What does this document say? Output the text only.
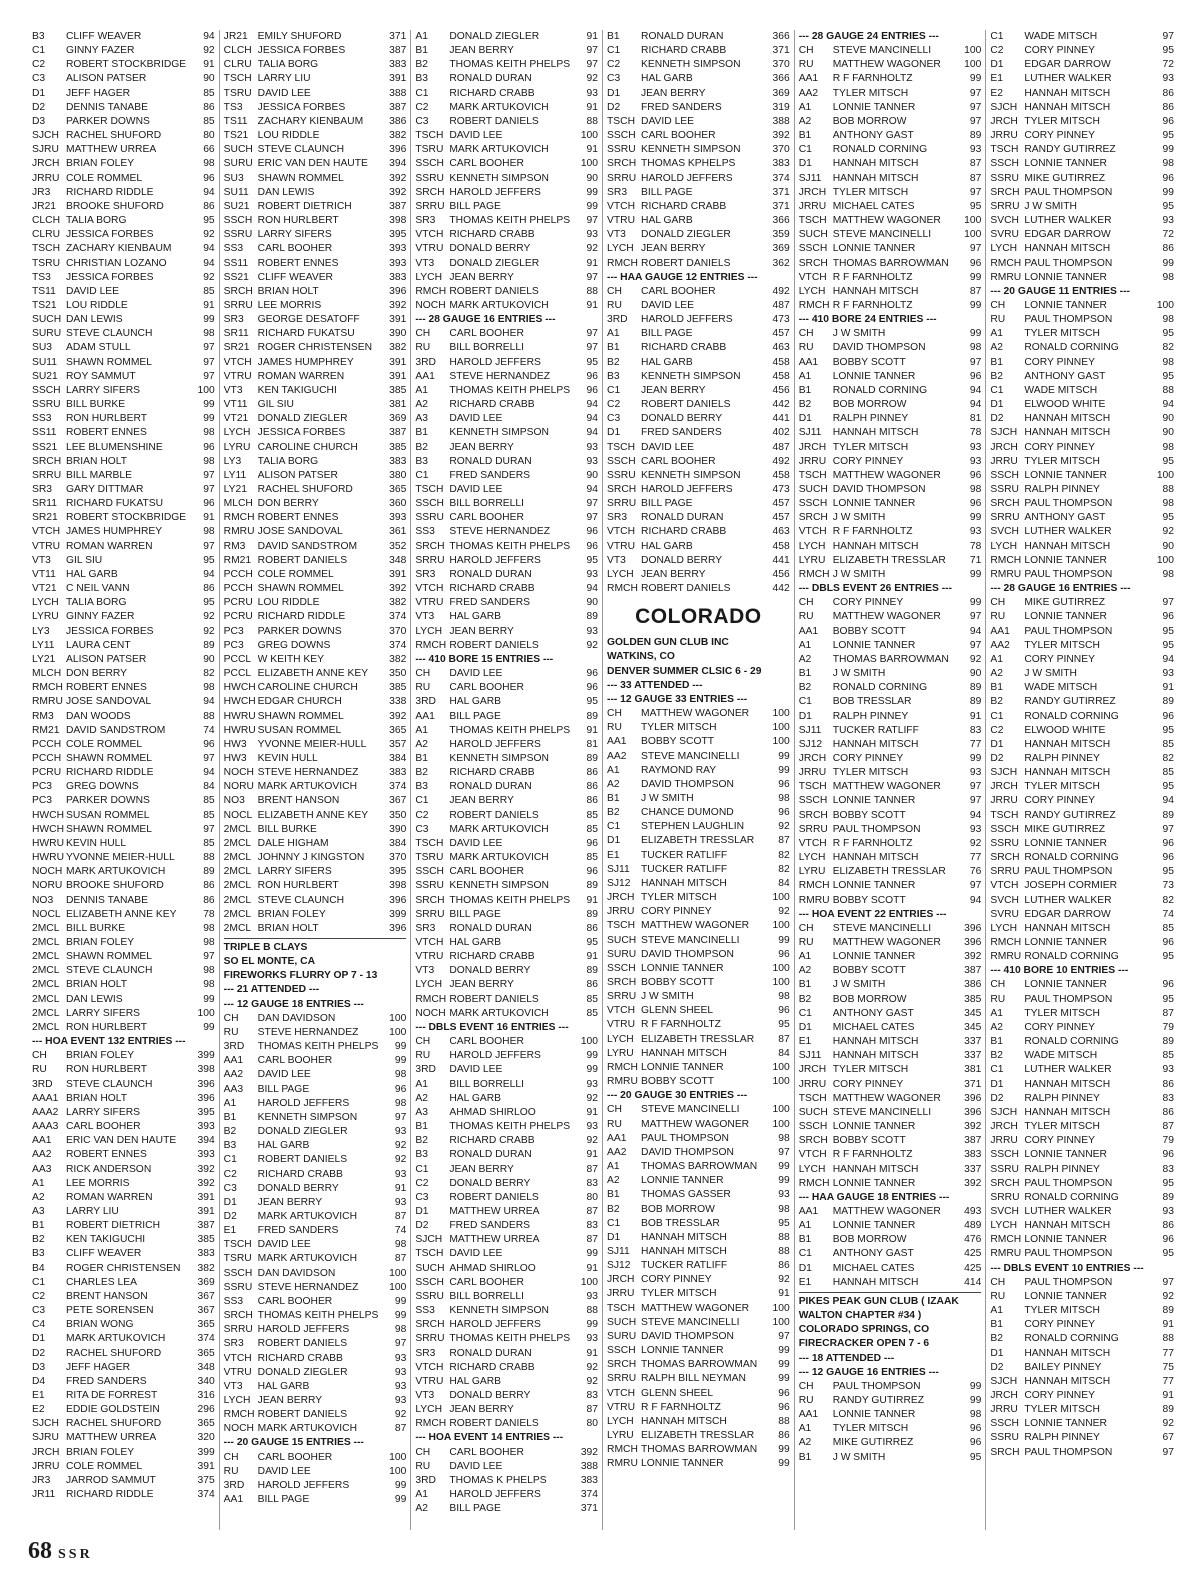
B3	CLIFF WEAVER	94
C1	GINNY FAZER	92
C2	ROBERT STOCKBRIDGE	91
C3	ALISON PATSER	90
D1	JEFF HAGER	85
D2	DENNIS TANABE	86
D3	PARKER DOWNS	85
SJCH RACHEL SHUFORD	80
SJRU MATTHEW URREA	66
JRCH BRIAN FOLEY	98
JRRU COLE ROMMEL	96
JR3	RICHARD RIDDLE	94
JR21 BROOKE SHUFORD	86
CLCH TALIA BORG	95
CLRU JESSICA FORBES	92
TSCH ZACHARY KIENBAUM	94
TSRU CHRISTIAN LOZANO	94
TS3	JESSICA FORBES	92
TS11 DAVID LEE	85
TS21 LOU RIDDLE	91
SUCH DAN LEWIS	99
SURU STEVE CLAUNCH	98
SU3	ADAM STULL	97
SU11 SHAWN ROMMEL	97
SU21 ROY SAMMUT	97
SSCH LARRY SIFERS	100
SSRU BILL BURKE	99
SS3	RON HURLBERT	99
SS11 ROBERT ENNES	98
SS21 LEE BLUMENSHINE	96
SRCH BRIAN HOLT	98
SRRU BILL MARBLE	97
SR3	GARY DITTMAR	97
SR11 RICHARD FUKATSU	96
SR21 ROBERT STOCKBRIDGE	91
VTCH JAMES HUMPHREY	98
VTRU ROMAN WARREN	97
VT3	GIL SIU	95
VT11 HAL GARB	94
VT21 C NEIL VANN	86
LYCH TALIA BORG	95
LYRU GINNY FAZER	92
LY3	JESSICA FORBES	92
LY11	LAURA CENT	89
LY21	ALISON PATSER	90
MLCH DON BERRY	82
RMCH ROBERT ENNES	98
RMRU JOSE SANDOVAL	94
RM3	DAN WOODS	88
RM21 DAVID SANDSTROM	74
PCCH COLE ROMMEL	96
PCCH SHAWN ROMMEL	97
PCRU RICHARD RIDDLE	94
PC3	GREG DOWNS	84
PC3	PARKER DOWNS	85
HWCH SUSAN ROMMEL	85
HWCH SHAWN ROMMEL	97
HWRU KEVIN HULL	85
HWRU YVONNE MEIER-HULL	88
NOCH MARK ARTUKOVICH	89
NORU BROOKE SHUFORD	86
NO3	DENNIS TANABE	86
NOCL ELIZABETH ANNE KEY	78
2MCL BILL BURKE	98
2MCL BRIAN FOLEY	98
2MCL SHAWN ROMMEL	97
2MCL STEVE CLAUNCH	98
2MCL BRIAN HOLT	98
2MCL DAN LEWIS	99
2MCL LARRY SIFERS	100
2MCL RON HURLBERT	99
--- HOA EVENT 132 ENTRIES ---
CH	BRIAN FOLEY	399
RU	RON HURLBERT	398
3RD	STEVE CLAUNCH	396
AAA1 BRIAN HOLT	396
AAA2 LARRY SIFERS	395
AAA3 CARL BOOHER	393
AA1	ERIC VAN DEN HAUTE	394
AA2	ROBERT ENNES	393
AA3	RICK ANDERSON	392
A1	LEE MORRIS	392
A2	ROMAN WARREN	391
A3	LARRY LIU	391
B1	ROBERT DIETRICH	387
B2	KEN TAKIGUCHI	385
B3	CLIFF WEAVER	383
B4	ROGER CHRISTENSEN	382
C1	CHARLES LEA	369
C2	BRENT HANSON	367
C3	PETE SORENSEN	367
C4	BRIAN WONG	365
D1	MARK ARTUKOVICH	374
D2	RACHEL SHUFORD	365
D3	JEFF HAGER	348
D4	FRED SANDERS	340
E1	RITA DE FORREST	316
E2	EDDIE GOLDSTEIN	296
SJCH RACHEL SHUFORD	365
SJRU MATTHEW URREA	320
JRCH BRIAN FOLEY	399
JRRU COLE ROMMEL	391
JR3	JARROD SAMMUT	375
JR11	RICHARD RIDDLE	374
JR21 EMILY SHUFORD	371
CLCH JESSICA FORBES	387
CLRU TALIA BORG	383
TSCH LARRY LIU	391
TSRU DAVID LEE	388
TS3	JESSICA FORBES	387
TS11 ZACHARY KIENBAUM	386
TS21 LOU RIDDLE	382
SUCH STEVE CLAUNCH	396
SURU ERIC VAN DEN HAUTE	394
SU3	SHAWN ROMMEL	392
SU11 DAN LEWIS	392
SU21 ROBERT DIETRICH	387
SSCH RON HURLBERT	398
SSRU LARRY SIFERS	395
SS3	CARL BOOHER	393
SS11 ROBERT ENNES	393
SS21 CLIFF WEAVER	383
SRCH BRIAN HOLT	396
SRRU LEE MORRIS	392
SR3	GEORGE DESATOFF	391
SR11 RICHARD FUKATSU	390
SR21 ROGER CHRISTENSEN	382
VTCH JAMES HUMPHREY	391
VTRU ROMAN WARREN	391
VT3	KEN TAKIGUCHI	385
VT11 GIL SIU	381
VT21 DONALD ZIEGLER	369
LYCH JESSICA FORBES	387
LYRU CAROLINE CHURCH	385
LY3	TALIA BORG	383
LY11	ALISON PATSER	380
LY21	RACHEL SHUFORD	365
MLCH DON BERRY	360
RMCH ROBERT ENNES	393
RMRU JOSE SANDOVAL	361
RM3	DAVID SANDSTROM	352
RM21 ROBERT DANIELS	348
PCCH COLE ROMMEL	391
PCCH SHAWN ROMMEL	392
PCRU LOU RIDDLE	382
PCRU RICHARD RIDDLE	374
PC3	PARKER DOWNS	370
PC3	GREG DOWNS	374
PCCL W KEITH KEY	382
PCCL ELIZABETH ANNE KEY	350
HWCH CAROLINE CHURCH	385
HWCH EDGAR CHURCH	338
HWRU SHAWN ROMMEL	392
HWRU SUSAN ROMMEL	365
HW3	YVONNE MEIER-HULL	357
HW3	KEVIN HULL	384
NOCH STEVE HERNANDEZ	383
NORU MARK ARTUKOVICH	374
NO3	BRENT HANSON	367
NOCL ELIZABETH ANNE KEY	350
2MCL BILL BURKE	390
2MCL DALE HIGHAM	384
2MCL JOHNNY J KINGSTON	370
2MCL LARRY SIFERS	395
2MCL RON HURLBERT	398
2MCL STEVE CLAUNCH	396
2MCL BRIAN FOLEY	399
2MCL BRIAN HOLT	396
TRIPLE B CLAYS
SO EL MONTE, CA
FIREWORKS FLURRY OP 7 - 13
--- 21 ATTENDED ---
--- 12 GAUGE 18 ENTRIES ---
CH	DAN DAVIDSON	100
RU	STEVE HERNANDEZ	100
3RD	THOMAS KEITH PHELPS	99
AA1	CARL BOOHER	99
AA2	DAVID LEE	98
AA3	BILL PAGE	96
A1	HAROLD JEFFERS	98
B1	KENNETH SIMPSON	97
B2	DONALD ZIEGLER	93
B3	HAL GARB	92
C1	ROBERT DANIELS	92
C2	RICHARD CRABB	93
C3	DONALD BERRY	91
D1	JEAN BERRY	93
D2	MARK ARTUKOVICH	87
E1	FRED SANDERS	74
TSCH DAVID LEE	98
TSRU MARK ARTUKOVICH	87
SSCH DAN DAVIDSON	100
SSRU STEVE HERNANDEZ	100
SS3	CARL BOOHER	99
SRCH THOMAS KEITH PHELPS	99
SRRU HAROLD JEFFERS	98
SR3	ROBERT DANIELS	97
VTCH RICHARD CRABB	93
VTRU DONALD ZIEGLER	93
VT3	HAL GARB	93
LYCH JEAN BERRY	93
RMCH ROBERT DANIELS	92
NOCH MARK ARTUKOVICH	87
--- 20 GAUGE 15 ENTRIES ---
CH	CARL BOOHER	100
RU	DAVID LEE	100
3RD	HAROLD JEFFERS	99
AA1	BILL PAGE	99
A1	DONALD ZIEGLER	91
B1	JEAN BERRY	97
B2	THOMAS KEITH PHELPS	97
B3	RONALD DURAN	92
C1	RICHARD CRABB	93
C2	MARK ARTUKOVICH	91
C3	ROBERT DANIELS	88
TSCH DAVID LEE	100
TSRU MARK ARTUKOVICH	91
SSCH CARL BOOHER	100
SSRU KENNETH SIMPSON	90
SRCH HAROLD JEFFERS	99
SRRU BILL PAGE	99
SR3	THOMAS KEITH PHELPS	97
VTCH RICHARD CRABB	93
VTRU DONALD BERRY	92
VT3	DONALD ZIEGLER	91
LYCH JEAN BERRY	97
RMCH ROBERT DANIELS	88
NOCH MARK ARTUKOVICH	91
--- 28 GAUGE 16 ENTRIES ---
CH	CARL BOOHER	97
RU	BILL BORRELLI	97
3RD	HAROLD JEFFERS	95
AA1	STEVE HERNANDEZ	96
A1	THOMAS KEITH PHELPS	96
A2	RICHARD CRABB	94
A3	DAVID LEE	94
B1	KENNETH SIMPSON	94
B2	JEAN BERRY	93
B3	RONALD DURAN	93
C1	FRED SANDERS	90
TSCH DAVID LEE	94
SSCH BILL BORRELLI	97
SSRU CARL BOOHER	97
SS3	STEVE HERNANDEZ	96
SRCH THOMAS KEITH PHELPS	96
SRRU HAROLD JEFFERS	95
SR3	RONALD DURAN	93
VTCH RICHARD CRABB	94
VTRU FRED SANDERS	90
VT3	HAL GARB	89
LYCH JEAN BERRY	93
RMCH ROBERT DANIELS	92
--- 410 BORE 15 ENTRIES ---
CH	DAVID LEE	96
RU	CARL BOOHER	96
3RD	HAL GARB	95
AA1	BILL PAGE	89
A1	THOMAS KEITH PHELPS	91
A2	HAROLD JEFFERS	81
B1	KENNETH SIMPSON	89
B2	RICHARD CRABB	86
B3	RONALD DURAN	86
C1	JEAN BERRY	86
C2	ROBERT DANIELS	85
C3	MARK ARTUKOVICH	85
TSCH DAVID LEE	96
TSRU MARK ARTUKOVICH	85
SSCH CARL BOOHER	96
SSRU KENNETH SIMPSON	89
SRCH THOMAS KEITH PHELPS	91
SRRU BILL PAGE	89
SR3	RONALD DURAN	86
VTCH HAL GARB	95
VTRU RICHARD CRABB	91
VT3	DONALD BERRY	89
LYCH JEAN BERRY	86
RMCH ROBERT DANIELS	85
NOCH MARK ARTUKOVICH	85
--- DBLS EVENT 16 ENTRIES ---
CH	CARL BOOHER	100
RU	HAROLD JEFFERS	99
3RD	DAVID LEE	99
A1	BILL BORRELLI	93
A2	HAL GARB	92
A3	AHMAD SHIRLOO	91
B1	THOMAS KEITH PHELPS	93
B2	RICHARD CRABB	92
B3	RONALD DURAN	91
C1	JEAN BERRY	87
C2	DONALD BERRY	83
C3	ROBERT DANIELS	80
D1	MATTHEW URREA	87
D2	FRED SANDERS	83
SJCH MATTHEW URREA	87
TSCH DAVID LEE	99
SUCH AHMAD SHIRLOO	91
SSCH CARL BOOHER	100
SSRU BILL BORRELLI	93
SS3	KENNETH SIMPSON	88
SRCH HAROLD JEFFERS	99
SRRU THOMAS KEITH PHELPS	93
SR3	RONALD DURAN	91
VTCH RICHARD CRABB	92
VTRU HAL GARB	92
VT3	DONALD BERRY	83
LYCH JEAN BERRY	87
RMCH ROBERT DANIELS	80
--- HOA EVENT 14 ENTRIES ---
CH	CARL BOOHER	392
RU	DAVID LEE	388
3RD	THOMAS K PHELPS	383
A1	HAROLD JEFFERS	374
A2	BILL PAGE	371
B1	RONALD DURAN	366
C1	RICHARD CRABB	371
C2	KENNETH SIMPSON	370
C3	HAL GARB	366
D1	JEAN BERRY	369
D2	FRED SANDERS	319
TSCH DAVID LEE	388
SSCH CARL BOOHER	392
SSRU KENNETH SIMPSON	370
SRCH THOMAS KPHELPS	383
SRRU HAROLD JEFFERS	374
SR3	BILL PAGE	371
VTCH RICHARD CRABB	371
VTRU HAL GARB	366
VT3	DONALD ZIEGLER	359
LYCH JEAN BERRY	369
RMCH ROBERT DANIELS	362
--- HAA GAUGE 12 ENTRIES ---
CH	CARL BOOHER	492
RU	DAVID LEE	487
3RD	HAROLD JEFFERS	473
A1	BILL PAGE	457
B1	RICHARD CRABB	463
B2	HAL GARB	458
B3	KENNETH SIMPSON	458
C1	JEAN BERRY	456
C2	ROBERT DANIELS	442
C3	DONALD BERRY	441
D1	FRED SANDERS	402
TSCH DAVID LEE	487
SSCH CARL BOOHER	492
SSRU KENNETH SIMPSON	458
SRCH HAROLD JEFFERS	473
SRRU BILL PAGE	457
SR3	RONALD DURAN	457
VTCH RICHARD CRABB	463
VTRU HAL GARB	458
VT3	DONALD BERRY	441
LYCH JEAN BERRY	456
RMCH ROBERT DANIELS	442
COLORADO
GOLDEN GUN CLUB INC
WATKINS, CO
DENVER SUMMER CLSIC 6 - 29
--- 33 ATTENDED ---
--- 12 GAUGE 33 ENTRIES ---
CH	MATTHEW WAGONER	100
RU	TYLER MITSCH	100
AA1	BOBBY SCOTT	100
AA2	STEVE MANCINELLI	99
A1	RAYMOND RAY	99
A2	DAVID THOMPSON	96
B1	J W SMITH	98
B2	CHANCE DUMOND	96
C1	STEPHEN LAUGHLIN	92
D1	ELIZABETH TRESSLAR	87
E1	TUCKER RATLIFF	82
SJ11	TUCKER RATLIFF	82
SJ12	HANNAH MITSCH	84
JRCH TYLER MITSCH	100
JRRU CORY PINNEY	92
TSCH MATTHEW WAGONER	100
SUCH STEVE MANCINELLI	99
SURU DAVID THOMPSON	96
SSCH LONNIE TANNER	100
SRCH BOBBY SCOTT	100
SRRU J W SMITH	98
VTCH GLENN SHEEL	96
VTRU R F FARNHOLTZ	95
LYCH ELIZABETH TRESSLAR	87
LYRU HANNAH MITSCH	84
RMCH LONNIE TANNER	100
RMRU BOBBY SCOTT	100
--- 20 GAUGE 30 ENTRIES ---
CH	STEVE MANCINELLI	100
RU	MATTHEW WAGONER	100
AA1	PAUL THOMPSON	98
AA2	DAVID THOMPSON	97
A1	THOMAS BARROWMAN	99
A2	LONNIE TANNER	99
B1	THOMAS GASSER	93
B2	BOB MORROW	98
C1	BOB TRESSLAR	95
D1	HANNAH MITSCH	88
SJ11	HANNAH MITSCH	88
SJ12	TUCKER RATLIFF	86
JRCH CORY PINNEY	92
JRRU TYLER MITSCH	91
TSCH MATTHEW WAGONER	100
SUCH STEVE MANCINELLI	100
SURU DAVID THOMPSON	97
SSCH LONNIE TANNER	99
SRCH THOMAS BARROWMAN	99
SRRU RALPH BILL NEYMAN	99
VTCH GLENN SHEEL	96
VTRU R F FARNHOLTZ	96
LYCH HANNAH MITSCH	88
LYRU ELIZABETH TRESSLAR	86
RMCH THOMAS BARROWMAN	99
RMRU LONNIE TANNER	99
--- 28 GAUGE 24 ENTRIES ---
CH	STEVE MANCINELLI	100
RU	MATTHEW WAGONER	100
AA1	R F FARNHOLTZ	99
AA2	TYLER MITSCH	97
A1	LONNIE TANNER	97
A2	BOB MORROW	97
B1	ANTHONY GAST	89
C1	RONALD CORNING	93
D1	HANNAH MITSCH	87
SJ11	HANNAH MITSCH	87
JRCH TYLER MITSCH	97
JRRU MICHAEL CATES	95
TSCH MATTHEW WAGONER	100
SUCH STEVE MANCINELLI	100
SSCH LONNIE TANNER	97
SRCH THOMAS BARROWMAN	96
VTCH R F FARNHOLTZ	99
LYCH HANNAH MITSCH	87
RMCH R F FARNHOLTZ	99
--- 410 BORE 24 ENTRIES ---
CH	J W SMITH	99
RU	DAVID THOMPSON	98
AA1	BOBBY SCOTT	97
A1	LONNIE TANNER	96
B1	RONALD CORNING	94
B2	BOB MORROW	94
D1	RALPH PINNEY	81
SJ11	HANNAH MITSCH	78
JRCH TYLER MITSCH	93
JRRU CORY PINNEY	93
TSCH MATTHEW WAGONER	96
SUCH DAVID THOMPSON	98
SSCH LONNIE TANNER	96
SRCH J W SMITH	99
VTCH R F FARNHOLTZ	93
LYCH HANNAH MITSCH	78
LYRU ELIZABETH TRESSLAR	71
RMCH J W SMITH	99
--- DBLS EVENT 26 ENTRIES ---
CH	CORY PINNEY	99
RU	MATTHEW WAGONER	97
AA1	BOBBY SCOTT	94
A1	LONNIE TANNER	97
A2	THOMAS BARROWMAN	92
B1	J W SMITH	90
B2	RONALD CORNING	89
C1	BOB TRESSLAR	89
D1	RALPH PINNEY	91
SJ11	TUCKER RATLIFF	83
SJ12	HANNAH MITSCH	77
JRCH CORY PINNEY	99
JRRU TYLER MITSCH	93
TSCH MATTHEW WAGONER	97
SSCH LONNIE TANNER	97
SRCH BOBBY SCOTT	94
SRRU PAUL THOMPSON	93
VTCH R F FARNHOLTZ	92
LYCH HANNAH MITSCH	77
LYRU ELIZABETH TRESSLAR	76
RMCH LONNIE TANNER	97
RMRU BOBBY SCOTT	94
--- HOA EVENT 22 ENTRIES ---
CH	STEVE MANCINELLI	396
RU	MATTHEW WAGONER	396
A1	LONNIE TANNER	392
A2	BOBBY SCOTT	387
B1	J W SMITH	386
B2	BOB MORROW	385
C1	ANTHONY GAST	345
D1	MICHAEL CATES	345
E1	HANNAH MITSCH	337
SJ11	HANNAH MITSCH	337
JRCH TYLER MITSCH	381
JRRU CORY PINNEY	371
TSCH MATTHEW WAGONER	396
SUCH STEVE MANCINELLI	396
SSCH LONNIE TANNER	392
SRCH BOBBY SCOTT	387
VTCH R F FARNHOLTZ	383
LYCH HANNAH MITSCH	337
RMCH LONNIE TANNER	392
--- HAA GAUGE 18 ENTRIES ---
AA1	MATTHEW WAGONER	493
A1	LONNIE TANNER	489
B1	BOB MORROW	476
C1	ANTHONY GAST	425
D1	MICHAEL CATES	425
E1	HANNAH MITSCH	414
PIKES PEAK GUN CLUB ( IZAAK
WALTON CHAPTER #34 )
COLORADO SPRINGS, CO
FIRECRACKER OPEN 7 - 6
--- 18 ATTENDED ---
--- 12 GAUGE 16 ENTRIES ---
CH	PAUL THOMPSON	99
RU	RANDY GUTIRREZ	99
AA1	LONNIE TANNER	98
A1	TYLER MITSCH	96
A2	MIKE GUTIRREZ	96
B1	J W SMITH	95
C1	WADE MITSCH	97
C2	CORY PINNEY	95
D1	EDGAR DARROW	72
E1	LUTHER WALKER	93
E2	HANNAH MITSCH	86
SJCH HANNAH MITSCH	86
JRCH TYLER MITSCH	96
JRRU CORY PINNEY	95
TSCH RANDY GUTIRREZ	99
SSCH LONNIE TANNER	98
SSRU MIKE GUTIRREZ	96
SRCH PAUL THOMPSON	99
SRRU J W SMITH	95
SVCH LUTHER WALKER	93
SVRU EDGAR DARROW	72
LYCH HANNAH MITSCH	86
RMCH PAUL THOMPSON	99
RMRU LONNIE TANNER	98
--- 20 GAUGE 11 ENTRIES ---
CH	LONNIE TANNER	100
RU	PAUL THOMPSON	98
A1	TYLER MITSCH	95
A2	RONALD CORNING	82
B1	CORY PINNEY	98
B2	ANTHONY GAST	95
C1	WADE MITSCH	88
D1	ELWOOD WHITE	94
D2	HANNAH MITSCH	90
SJCH HANNAH MITSCH	90
JRCH CORY PINNEY	98
JRRU TYLER MITSCH	95
SSCH LONNIE TANNER	100
SSRU RALPH PINNEY	88
SRCH PAUL THOMPSON	98
SRRU ANTHONY GAST	95
SVCH LUTHER WALKER	92
LYCH HANNAH MITSCH	90
RMCH LONNIE TANNER	100
RMRU PAUL THOMPSON	98
--- 28 GAUGE 16 ENTRIES ---
CH	MIKE GUTIRREZ	97
RU	LONNIE TANNER	96
AA1	PAUL THOMPSON	95
AA2	TYLER MITSCH	95
A1	CORY PINNEY	94
A2	J W SMITH	93
B1	WADE MITSCH	91
B2	RANDY GUTIRREZ	89
C1	RONALD CORNING	96
C2	ELWOOD WHITE	95
D1	HANNAH MITSCH	85
D2	RALPH PINNEY	82
SJCH HANNAH MITSCH	85
JRCH TYLER MITSCH	95
JRRU CORY PINNEY	94
TSCH RANDY GUTIRREZ	89
SSCH MIKE GUTIRREZ	97
SSRU LONNIE TANNER	96
SRCH RONALD CORNING	96
SRRU PAUL THOMPSON	95
VTCH JOSEPH CORMIER	73
SVCH LUTHER WALKER	82
SVRU EDGAR DARROW	74
LYCH HANNAH MITSCH	85
RMCH LONNIE TANNER	96
RMRU RONALD CORNING	95
--- 410 BORE 10 ENTRIES ---
CH	LONNIE TANNER	96
RU	PAUL THOMPSON	95
A1	TYLER MITSCH	87
A2	CORY PINNEY	79
B1	RONALD CORNING	89
B2	WADE MITSCH	85
C1	LUTHER WALKER	93
D1	HANNAH MITSCH	86
D2	RALPH PINNEY	83
SJCH HANNAH MITSCH	86
JRCH TYLER MITSCH	87
JRRU CORY PINNEY	79
SSCH LONNIE TANNER	96
SSRU RALPH PINNEY	83
SRCH PAUL THOMPSON	95
SRRU RONALD CORNING	89
SVCH LUTHER WALKER	93
LYCH HANNAH MITSCH	86
RMCH LONNIE TANNER	96
RMRU PAUL THOMPSON	95
--- DBLS EVENT 10 ENTRIES ---
CH	PAUL THOMPSON	97
RU	LONNIE TANNER	92
A1	TYLER MITSCH	89
B1	CORY PINNEY	91
B2	RONALD CORNING	88
D1	HANNAH MITSCH	77
D2	BAILEY PINNEY	75
SJCH HANNAH MITSCH	77
JRCH CORY PINNEY	91
JRRU TYLER MITSCH	89
SSCH LONNIE TANNER	92
SSRU RALPH PINNEY	67
SRCH PAUL THOMPSON	97
68 SSR
